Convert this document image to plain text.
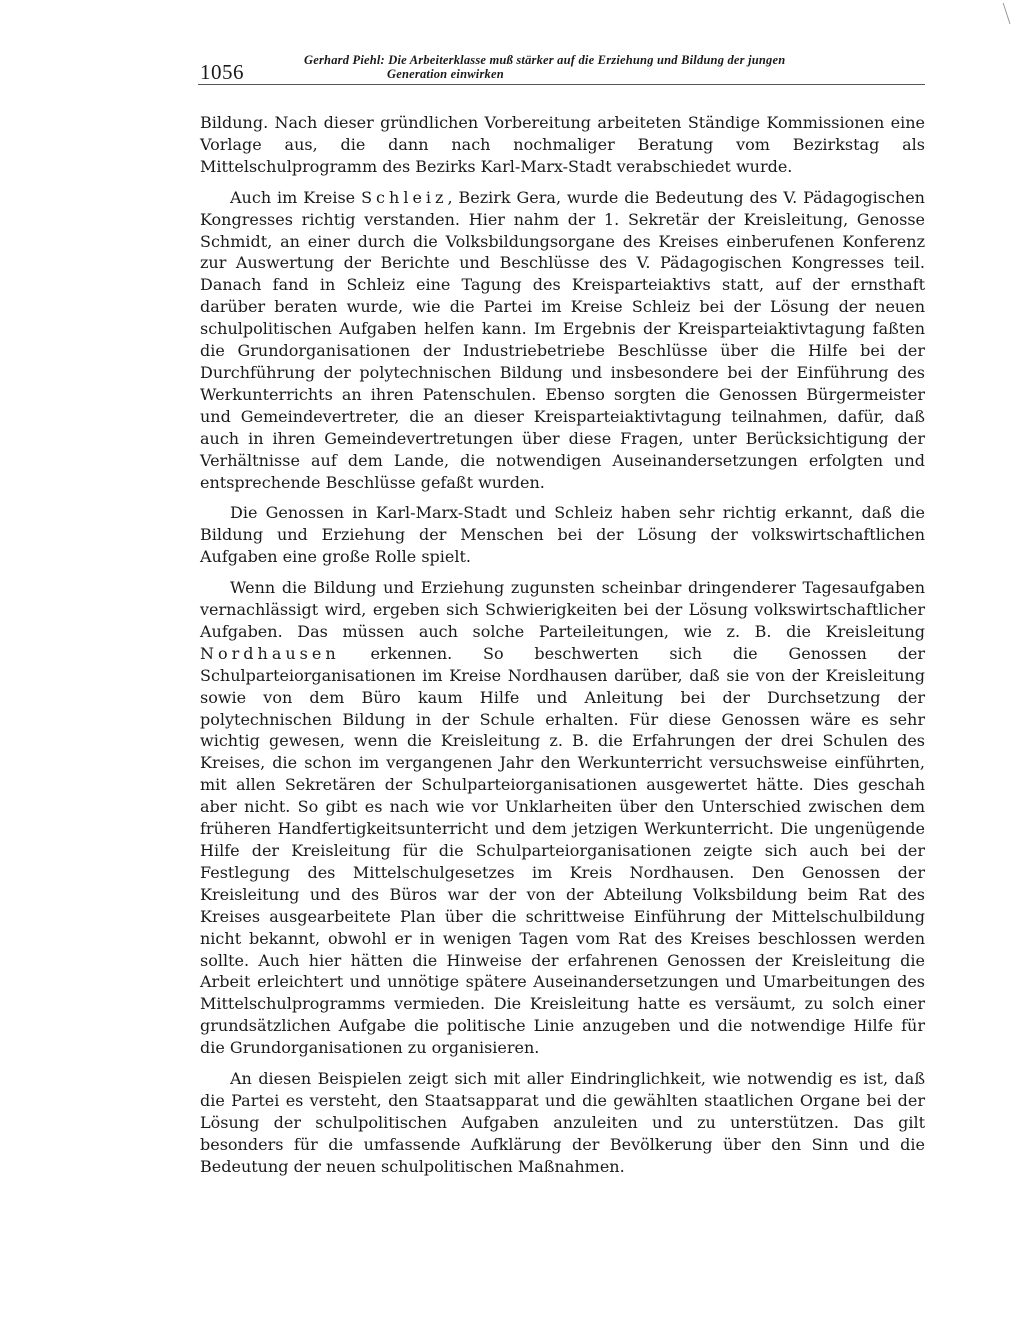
1056	Gerhard Piehl: Die Arbeiterklasse muß stärker auf die Erziehung und Bildung der jungen
Generation einwirken

Bildung. Nach dieser gründlichen Vorbereitung arbeiteten Ständige Kommissionen eine Vorlage aus, die dann nach nochmaliger Beratung vom Bezirkstag als Mittelschulprogramm des Bezirks Karl-Marx-Stadt verabschiedet wurde.

Auch im Kreise Schleiz, Bezirk Gera, wurde die Bedeutung des V. Pädagogischen Kongresses richtig verstanden. Hier nahm der 1. Sekretär der Kreisleitung, Genosse Schmidt, an einer durch die Volksbildungsorgane des Kreises einberufenen Konferenz zur Auswertung der Berichte und Beschlüsse des V. Pädagogischen Kongresses teil. Danach fand in Schleiz eine Tagung des Kreisparteiaktivs statt, auf der ernsthaft darüber beraten wurde, wie die Partei im Kreise Schleiz bei der Lösung der neuen schulpolitischen Aufgaben helfen kann. Im Ergebnis der Kreisparteiaktivtagung faßten die Grundorganisationen der Industriebetriebe Beschlüsse über die Hilfe bei der Durchführung der polytechnischen Bildung und insbesondere bei der Einführung des Werkunterrichts an ihren Patenschulen. Ebenso sorgten die Genossen Bürgermeister und Gemeindevertreter, die an dieser Kreisparteiaktivtagung teilnahmen, dafür, daß auch in ihren Gemeindevertretungen über diese Fragen, unter Berücksichtigung der Verhältnisse auf dem Lande, die notwendigen Auseinandersetzungen erfolgten und entsprechende Beschlüsse gefaßt wurden.

Die Genossen in Karl-Marx-Stadt und Schleiz haben sehr richtig erkannt, daß die Bildung und Erziehung der Menschen bei der Lösung der volkswirtschaftlichen Aufgaben eine große Rolle spielt.

Wenn die Bildung und Erziehung zugunsten scheinbar dringenderer Tagesaufgaben vernachlässigt wird, ergeben sich Schwierigkeiten bei der Lösung volkswirtschaftlicher Aufgaben. Das müssen auch solche Parteileitungen, wie z. B. die Kreisleitung Nordhausen erkennen. So beschwerten sich die Genossen der Schulparteiorganisationen im Kreise Nordhausen darüber, daß sie von der Kreisleitung sowie von dem Büro kaum Hilfe und Anleitung bei der Durchsetzung der polytechnischen Bildung in der Schule erhalten. Für diese Genossen wäre es sehr wichtig gewesen, wenn die Kreisleitung z. B. die Erfahrungen der drei Schulen des Kreises, die schon im vergangenen Jahr den Werkunterricht versuchsweise einführten, mit allen Sekretären der Schulparteiorganisationen ausgewertet hätte. Dies geschah aber nicht. So gibt es nach wie vor Unklarheiten über den Unterschied zwischen dem früheren Handfertigkeitsunterricht und dem jetzigen Werkunterricht. Die ungenügende Hilfe der Kreisleitung für die Schulparteiorganisationen zeigte sich auch bei der Festlegung des Mittelschulgesetzes im Kreis Nordhausen. Den Genossen der Kreisleitung und des Büros war der von der Abteilung Volksbildung beim Rat des Kreises ausgearbeitete Plan über die schrittweise Einführung der Mittelschulbildung nicht bekannt, obwohl er in wenigen Tagen vom Rat des Kreises beschlossen werden sollte. Auch hier hätten die Hinweise der erfahrenen Genossen der Kreisleitung die Arbeit erleichtert und unnötige spätere Auseinandersetzungen und Umarbeitungen des Mittelschulprogramms vermieden. Die Kreisleitung hatte es versäumt, zu solch einer grundsätzlichen Aufgabe die politische Linie anzugeben und die notwendige Hilfe für die Grundorganisationen zu organisieren.

An diesen Beispielen zeigt sich mit aller Eindringlichkeit, wie notwendig es ist, daß die Partei es versteht, den Staatsapparat und die gewählten staatlichen Organe bei der Lösung der schulpolitischen Aufgaben anzuleiten und zu unterstützen. Das gilt besonders für die umfassende Aufklärung der Bevölkerung über den Sinn und die Bedeutung der neuen schulpolitischen Maßnahmen.
